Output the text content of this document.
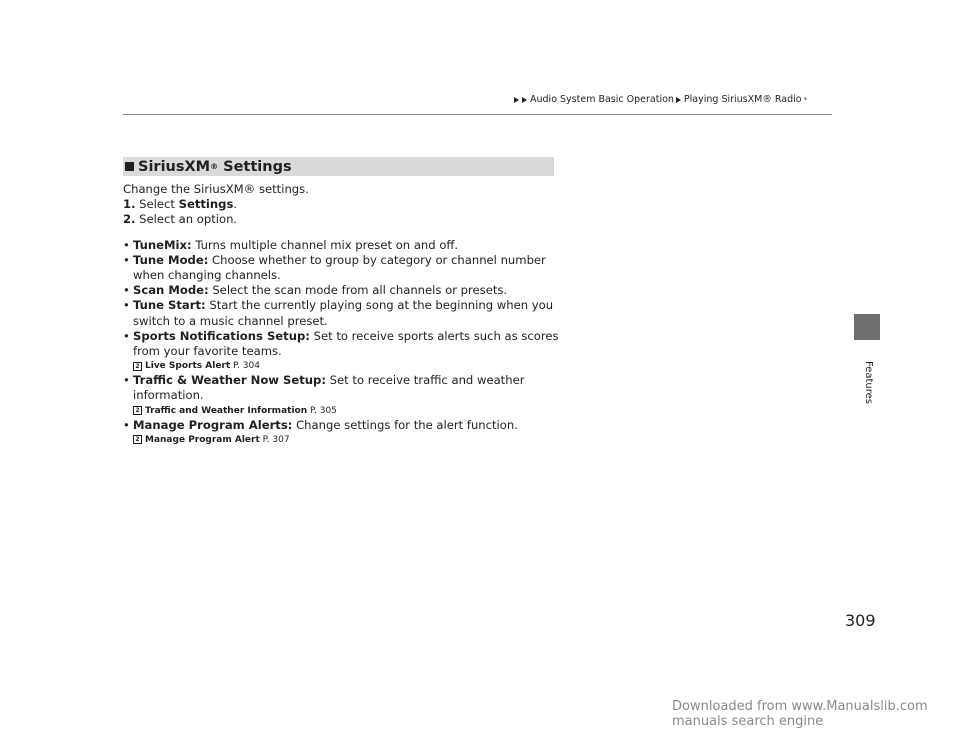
Audio System Basic Operation Playing SiriusXM® Radio *
Features
SiriusXM ® Settings

Change the SiriusXM® settings.

1. Select Settings.

2. Select an option.

• TuneMix: Turns multiple channel mix preset on and off.

• Tune Mode: Choose whether to group by category or channel number when changing channels.

• Scan Mode: Select the scan mode from all channels or presets.

• Tune Start: Start the currently playing song at the beginning when you switch to a music channel preset.

• Sports Notifications Setup: Set to receive sports alerts such as scores from your favorite teams.

2 Live Sports Alert P. 304

• Traffic & Weather Now Setup: Set to receive traffic and weather information.

2 Traffic and Weather Information P. 305

• Manage Program Alerts: Change settings for the alert function.

2 Manage Program Alert P. 307
309
Downloaded from www.Manualslib.com manuals search engine
